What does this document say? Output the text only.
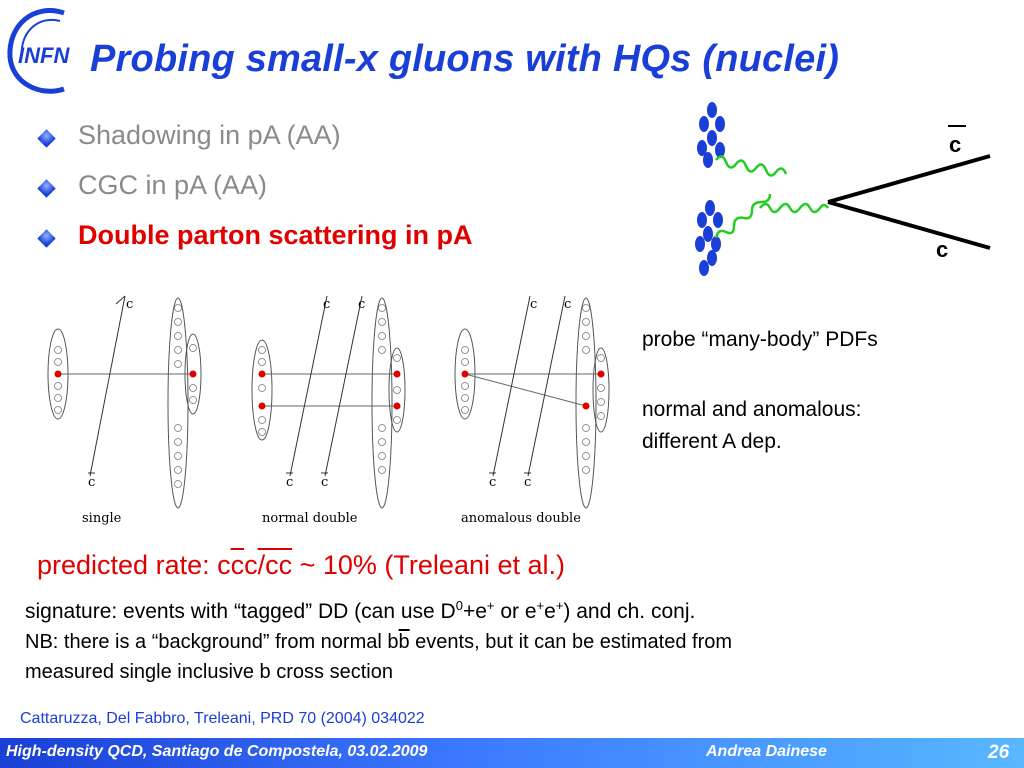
INFN Probing small-x gluons with HQs (nuclei)
Shadowing in pA (AA)
CGC in pA (AA)
Double parton scattering in pA
c
c
c
c
c c
c c
c c
c c
single	normal double	anomalous double
probe “many-body” PDFs
normal and anomalous:
different A dep.
predicted rate: $c\overline{c}c/c\overline{c}$ ~ 10% (Treleani et al.)
signature: events with “tagged” DD (can use $D^0+e^+$ or e+e+) and ch. conj.
NB: there is a “background” from normal $b\overline{b}$ events, but it can be estimated from
measured single inclusive b cross section
Cattaruzza, Del Fabbro, Treleani, PRD 70 (2004) 034022
High-density QCD, Santiago de Compostela, 03.02.2009	Andrea Dainese	26
